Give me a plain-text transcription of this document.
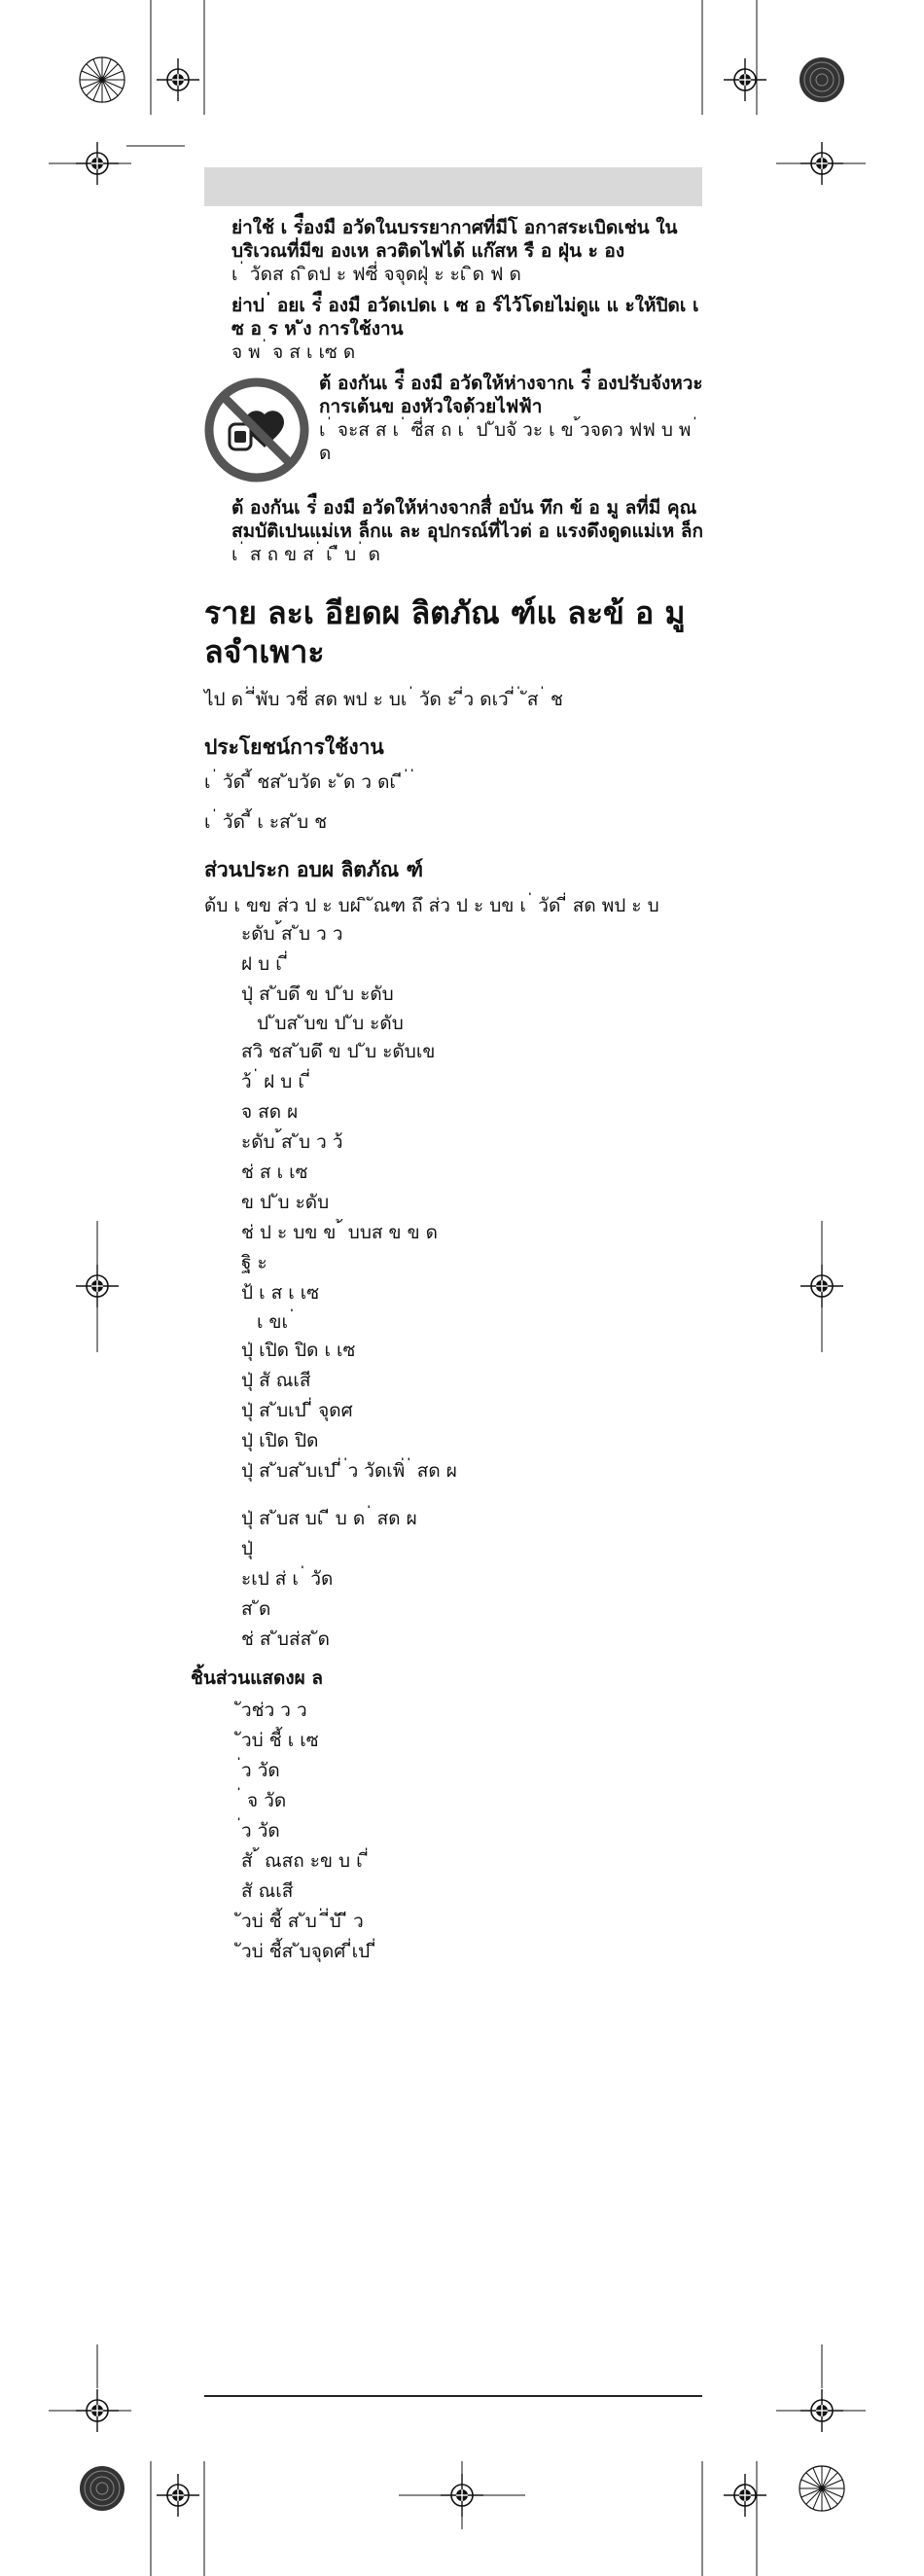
ย่าใช้ เ ร่ืองมื อวัดในบรรยากาศที่มีโ อกาสระเบิดเช่น ในบริเวณที่มีข องเห ลวติดไฟได้ แก๊สห รื อ ฝุ่น ะ อง

เ ่ วัดส ถ ิดป ะ ฟซี่ จจุดฝุ่ ะ ะเ ิด ฟ ด

ย่าป ่ อยเ ร่ื องมื อวัดเปดเ เ ซ อ ร์ไว้โดยไม่ดูแ แ ะให้ปิดเ เ ซ อ ร ห ัง การใช้งาน

จ พ ่ จ ส เ เซ ด

ต้ องกันเ ร่ื องมื อวัดให้ห่างจากเ ร่ื องปรับจังหวะการเต้นข องหัวใจด้วยไฟฟ้า

เ ่ จะส ส เ ่ ซี่ส ถ เ ่ ป ับจั วะ เ ข ้วจดว ฟฟ บ พ ่ ด

ต้ องกันเ ร่ื องมื อวัดให้ห่างจากสื่ อบัน ทึก ข้ อ มู ลที่มี คุณสมบัติเปนแม่เห ล็กแ ละ อุปกรณ์ที่ไวต่ อ แรงดึงดูดแม่เห ล็ก

เ ่ ส ถ ข ส ่ เ ื บ ่ ด

ราย ละเ อียดผ ลิตภัณ ฑ์แ ละข้ อ มู ลจำเพาะ

ไป ด ่ ี่พับ วชี่ สด พป ะ บเ ่ วัด ะ ี่ว ดเว ี่ ่ ัส ่ ช

ประโยชน์การใช้งาน

เ ่ วัด ี้ ชส ับวัด ะ ัด ว ดเ ี ่ ่

เ ่ วัด ี้ เ ะส ับ ช

ส่วนประก อบผ ลิตภัณ ฑ์
ด้บ เ ขข ส่ว ป ะ บผ ิ ัณฑ ถึ ส่ว ป ะ บข เ ่ วัด ี่ สด พป ะ บ
ะดับ ้ส ับ ว ว
ฝ บ เ ี่
ปุ่ ส ับดึ ข ป ับ ะดับ
ป ับส ับข ป ับ ะดับ
สวิ ชส ับดึ ข ป ับ ะดับเข
ว้ ่ ฝ บ เ ี่
จ สด ผ
ะดับ ้ส ับ ว ว้
ช่ ส เ เซ
ข ป ับ ะดับ
ช่ ป ะ บข ข ้ บบส ข ข ด
ฐิ ะ
ป้ เ ส เ เซ
เ ขเ ่
ปุ่ เปิด ปิด เ เซ
ปุ่ สั ณเสี
ปุ่ ส ับเป ี่ จุดศ
ปุ่ เปิด ปิด
ปุ่ ส ับส ับเป ี่ ่ว วัดเพิ่ ่ สด ผ
ปุ่ ส ับส บเ ี บ ด ่ สด ผ
ปุ่
ะเป ส่ เ ่ วัด
ส ัด
ช่ ส ับส่ส ัด
ชิ้นส่วนแสดงผ ล
ัวช่ว ว ว
ัวบ่ ชี้ เ เซ
่ว วัด
่ จ วัด
่ว วัด
สั ้ ณสถ ะข บ เ ี่
สั ณเสี
ัวบ่ ชี้ ส ับ ่ ี่บั ี ว
ัวบ่ ชี้ส ับจุดศ ี่เป ี่
